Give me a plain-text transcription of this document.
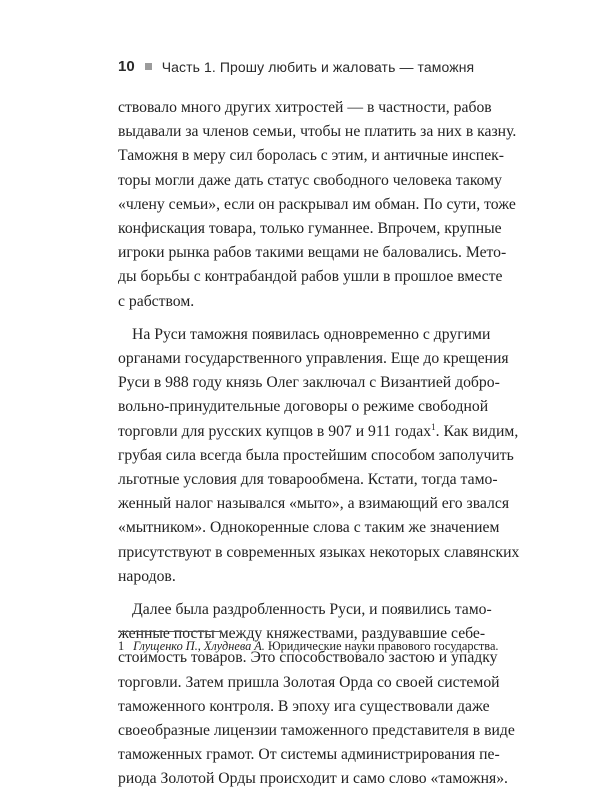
10 Часть 1. Прошу любить и жаловать — таможня

ствовало много других хитростей — в частности, рабов
выдавали за членов семьи, чтобы не платить за них в казну.
Таможня в меру сил боролась с этим, и античные инспек-
торы могли даже дать статус свободного человека такому
«члену семьи», если он раскрывал им обман. По сути, тоже
конфискация товара, только гуманнее. Впрочем, крупные
игроки рынка рабов такими вещами не баловались. Мето-
ды борьбы с контрабандой рабов ушли в прошлое вместе
с рабством.

На Руси таможня появилась одновременно с другими
органами государственного управления. Еще до крещения
Руси в 988 году князь Олег заключал с Византией добро-
вольно-принудительные договоры о режиме свободной
торговли для русских купцов в 907 и 911 годах$^1$. Как видим,
грубая сила всегда была простейшим способом заполучить
льготные условия для товарообмена. Кстати, тогда тамо-
женный налог назывался «мыто», а взимающий его звался
«мытником». Однокоренные слова с таким же значением
присутствуют в современных языках некоторых славянских
народов.

Далее была раздробленность Руси, и появились тамо-
женные посты между княжествами, раздувавшие себе-
стоимость товаров. Это способствовало застою и упадку
торговли. Затем пришла Золотая Орда со своей системой
таможенного контроля. В эпоху ига существовали даже
своеобразные лицензии таможенного представителя в виде
таможенных грамот. От системы администрирования пе-
риода Золотой Орды происходит и само слово «таможня».

1 Глущенко П., Хлуднева А. Юридические науки правового государства.
